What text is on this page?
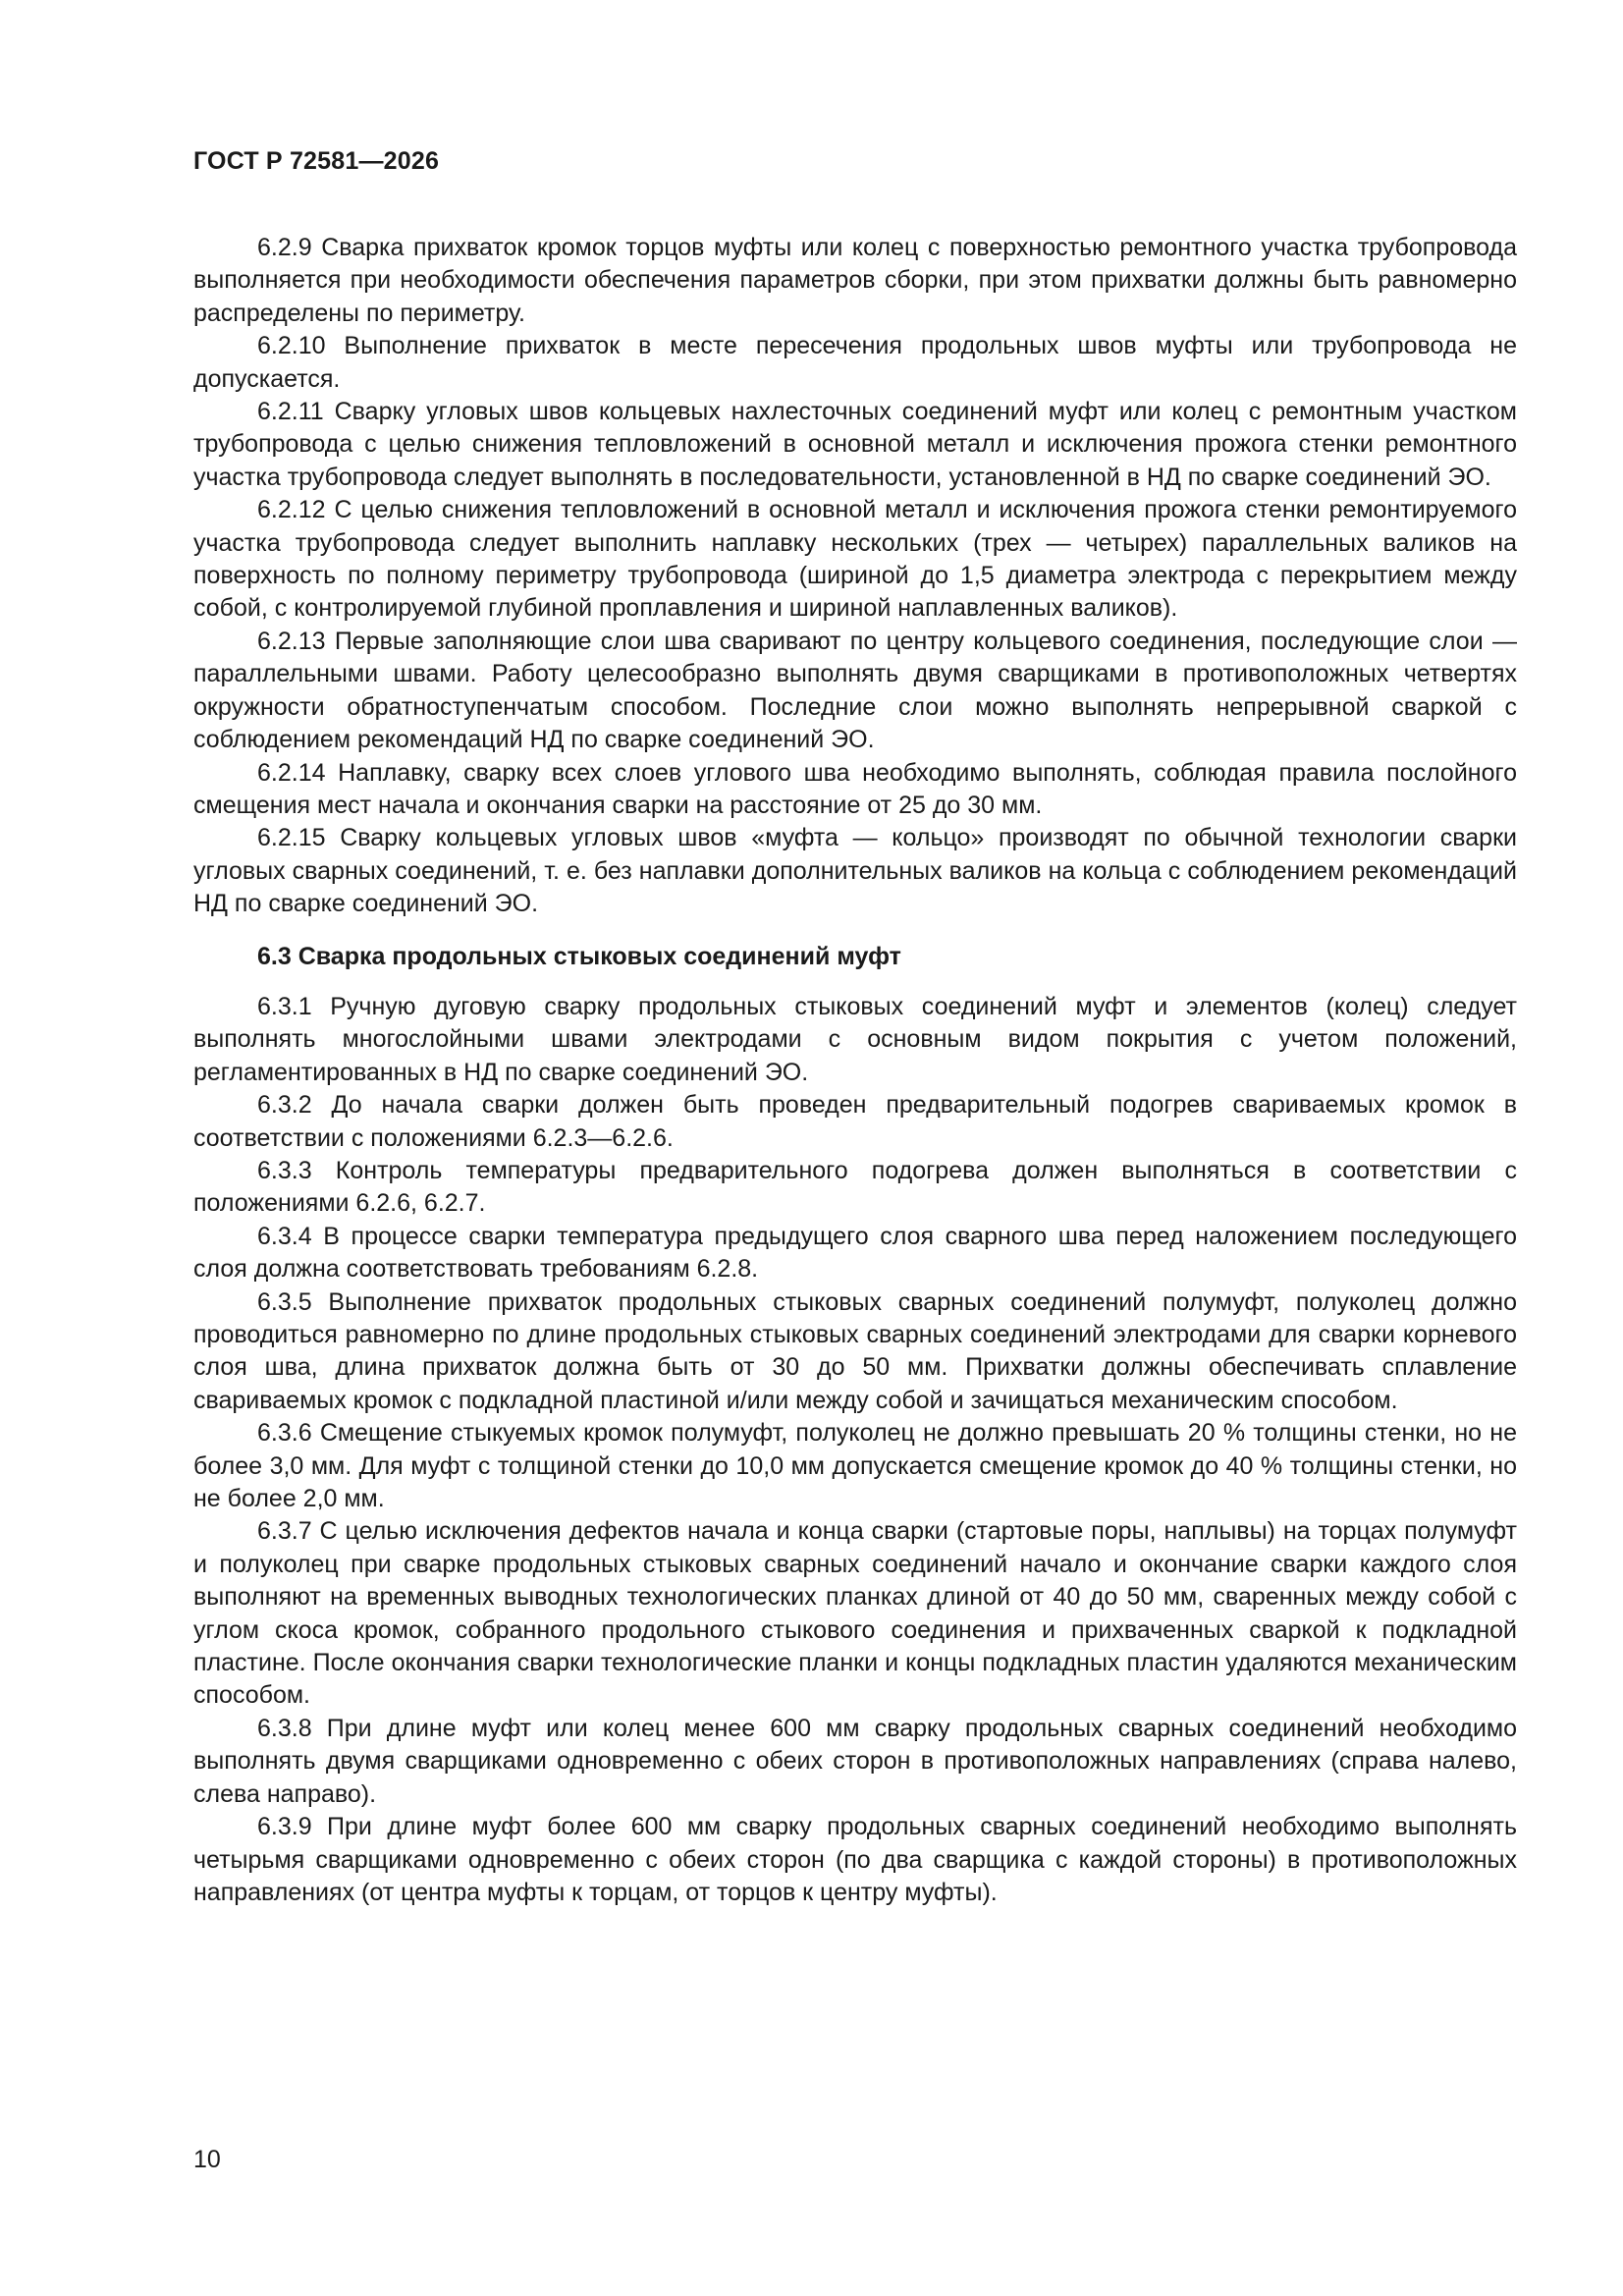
ГОСТ Р 72581—2026

6.2.9 Сварка прихваток кромок торцов муфты или колец с поверхностью ремонтного участка трубопровода выполняется при необходимости обеспечения параметров сборки, при этом прихватки должны быть равномерно распределены по периметру.

6.2.10 Выполнение прихваток в месте пересечения продольных швов муфты или трубопровода не допускается.

6.2.11 Сварку угловых швов кольцевых нахлесточных соединений муфт или колец с ремонтным участком трубопровода с целью снижения тепловложений в основной металл и исключения прожога стенки ремонтного участка трубопровода следует выполнять в последовательности, установленной в НД по сварке соединений ЭО.

6.2.12 С целью снижения тепловложений в основной металл и исключения прожога стенки ремонтируемого участка трубопровода следует выполнить наплавку нескольких (трех — четырех) параллельных валиков на поверхность по полному периметру трубопровода (шириной до 1,5 диаметра электрода с перекрытием между собой, с контролируемой глубиной проплавления и шириной наплавленных валиков).

6.2.13 Первые заполняющие слои шва сваривают по центру кольцевого соединения, последующие слои — параллельными швами. Работу целесообразно выполнять двумя сварщиками в противоположных четвертях окружности обратноступенчатым способом. Последние слои можно выполнять непрерывной сваркой с соблюдением рекомендаций НД по сварке соединений ЭО.

6.2.14 Наплавку, сварку всех слоев углового шва необходимо выполнять, соблюдая правила послойного смещения мест начала и окончания сварки на расстояние от 25 до 30 мм.

6.2.15 Сварку кольцевых угловых швов «муфта — кольцо» производят по обычной технологии сварки угловых сварных соединений, т. е. без наплавки дополнительных валиков на кольца с соблюдением рекомендаций НД по сварке соединений ЭО.

6.3 Сварка продольных стыковых соединений муфт

6.3.1 Ручную дуговую сварку продольных стыковых соединений муфт и элементов (колец) следует выполнять многослойными швами электродами с основным видом покрытия с учетом положений, регламентированных в НД по сварке соединений ЭО.

6.3.2 До начала сварки должен быть проведен предварительный подогрев свариваемых кромок в соответствии с положениями 6.2.3—6.2.6.

6.3.3 Контроль температуры предварительного подогрева должен выполняться в соответствии с положениями 6.2.6, 6.2.7.

6.3.4 В процессе сварки температура предыдущего слоя сварного шва перед наложением последующего слоя должна соответствовать требованиям 6.2.8.

6.3.5 Выполнение прихваток продольных стыковых сварных соединений полумуфт, полуколец должно проводиться равномерно по длине продольных стыковых сварных соединений электродами для сварки корневого слоя шва, длина прихваток должна быть от 30 до 50 мм. Прихватки должны обеспечивать сплавление свариваемых кромок с подкладной пластиной и/или между собой и зачищаться механическим способом.

6.3.6 Смещение стыкуемых кромок полумуфт, полуколец не должно превышать 20 % толщины стенки, но не более 3,0 мм. Для муфт с толщиной стенки до 10,0 мм допускается смещение кромок до 40 % толщины стенки, но не более 2,0 мм.

6.3.7 С целью исключения дефектов начала и конца сварки (стартовые поры, наплывы) на торцах полумуфт и полуколец при сварке продольных стыковых сварных соединений начало и окончание сварки каждого слоя выполняют на временных выводных технологических планках длиной от 40 до 50 мм, сваренных между собой с углом скоса кромок, собранного продольного стыкового соединения и прихваченных сваркой к подкладной пластине. После окончания сварки технологические планки и концы подкладных пластин удаляются механическим способом.

6.3.8 При длине муфт или колец менее 600 мм сварку продольных сварных соединений необходимо выполнять двумя сварщиками одновременно с обеих сторон в противоположных направлениях (справа налево, слева направо).

6.3.9 При длине муфт более 600 мм сварку продольных сварных соединений необходимо выполнять четырьмя сварщиками одновременно с обеих сторон (по два сварщика с каждой стороны) в противоположных направлениях (от центра муфты к торцам, от торцов к центру муфты).

10
